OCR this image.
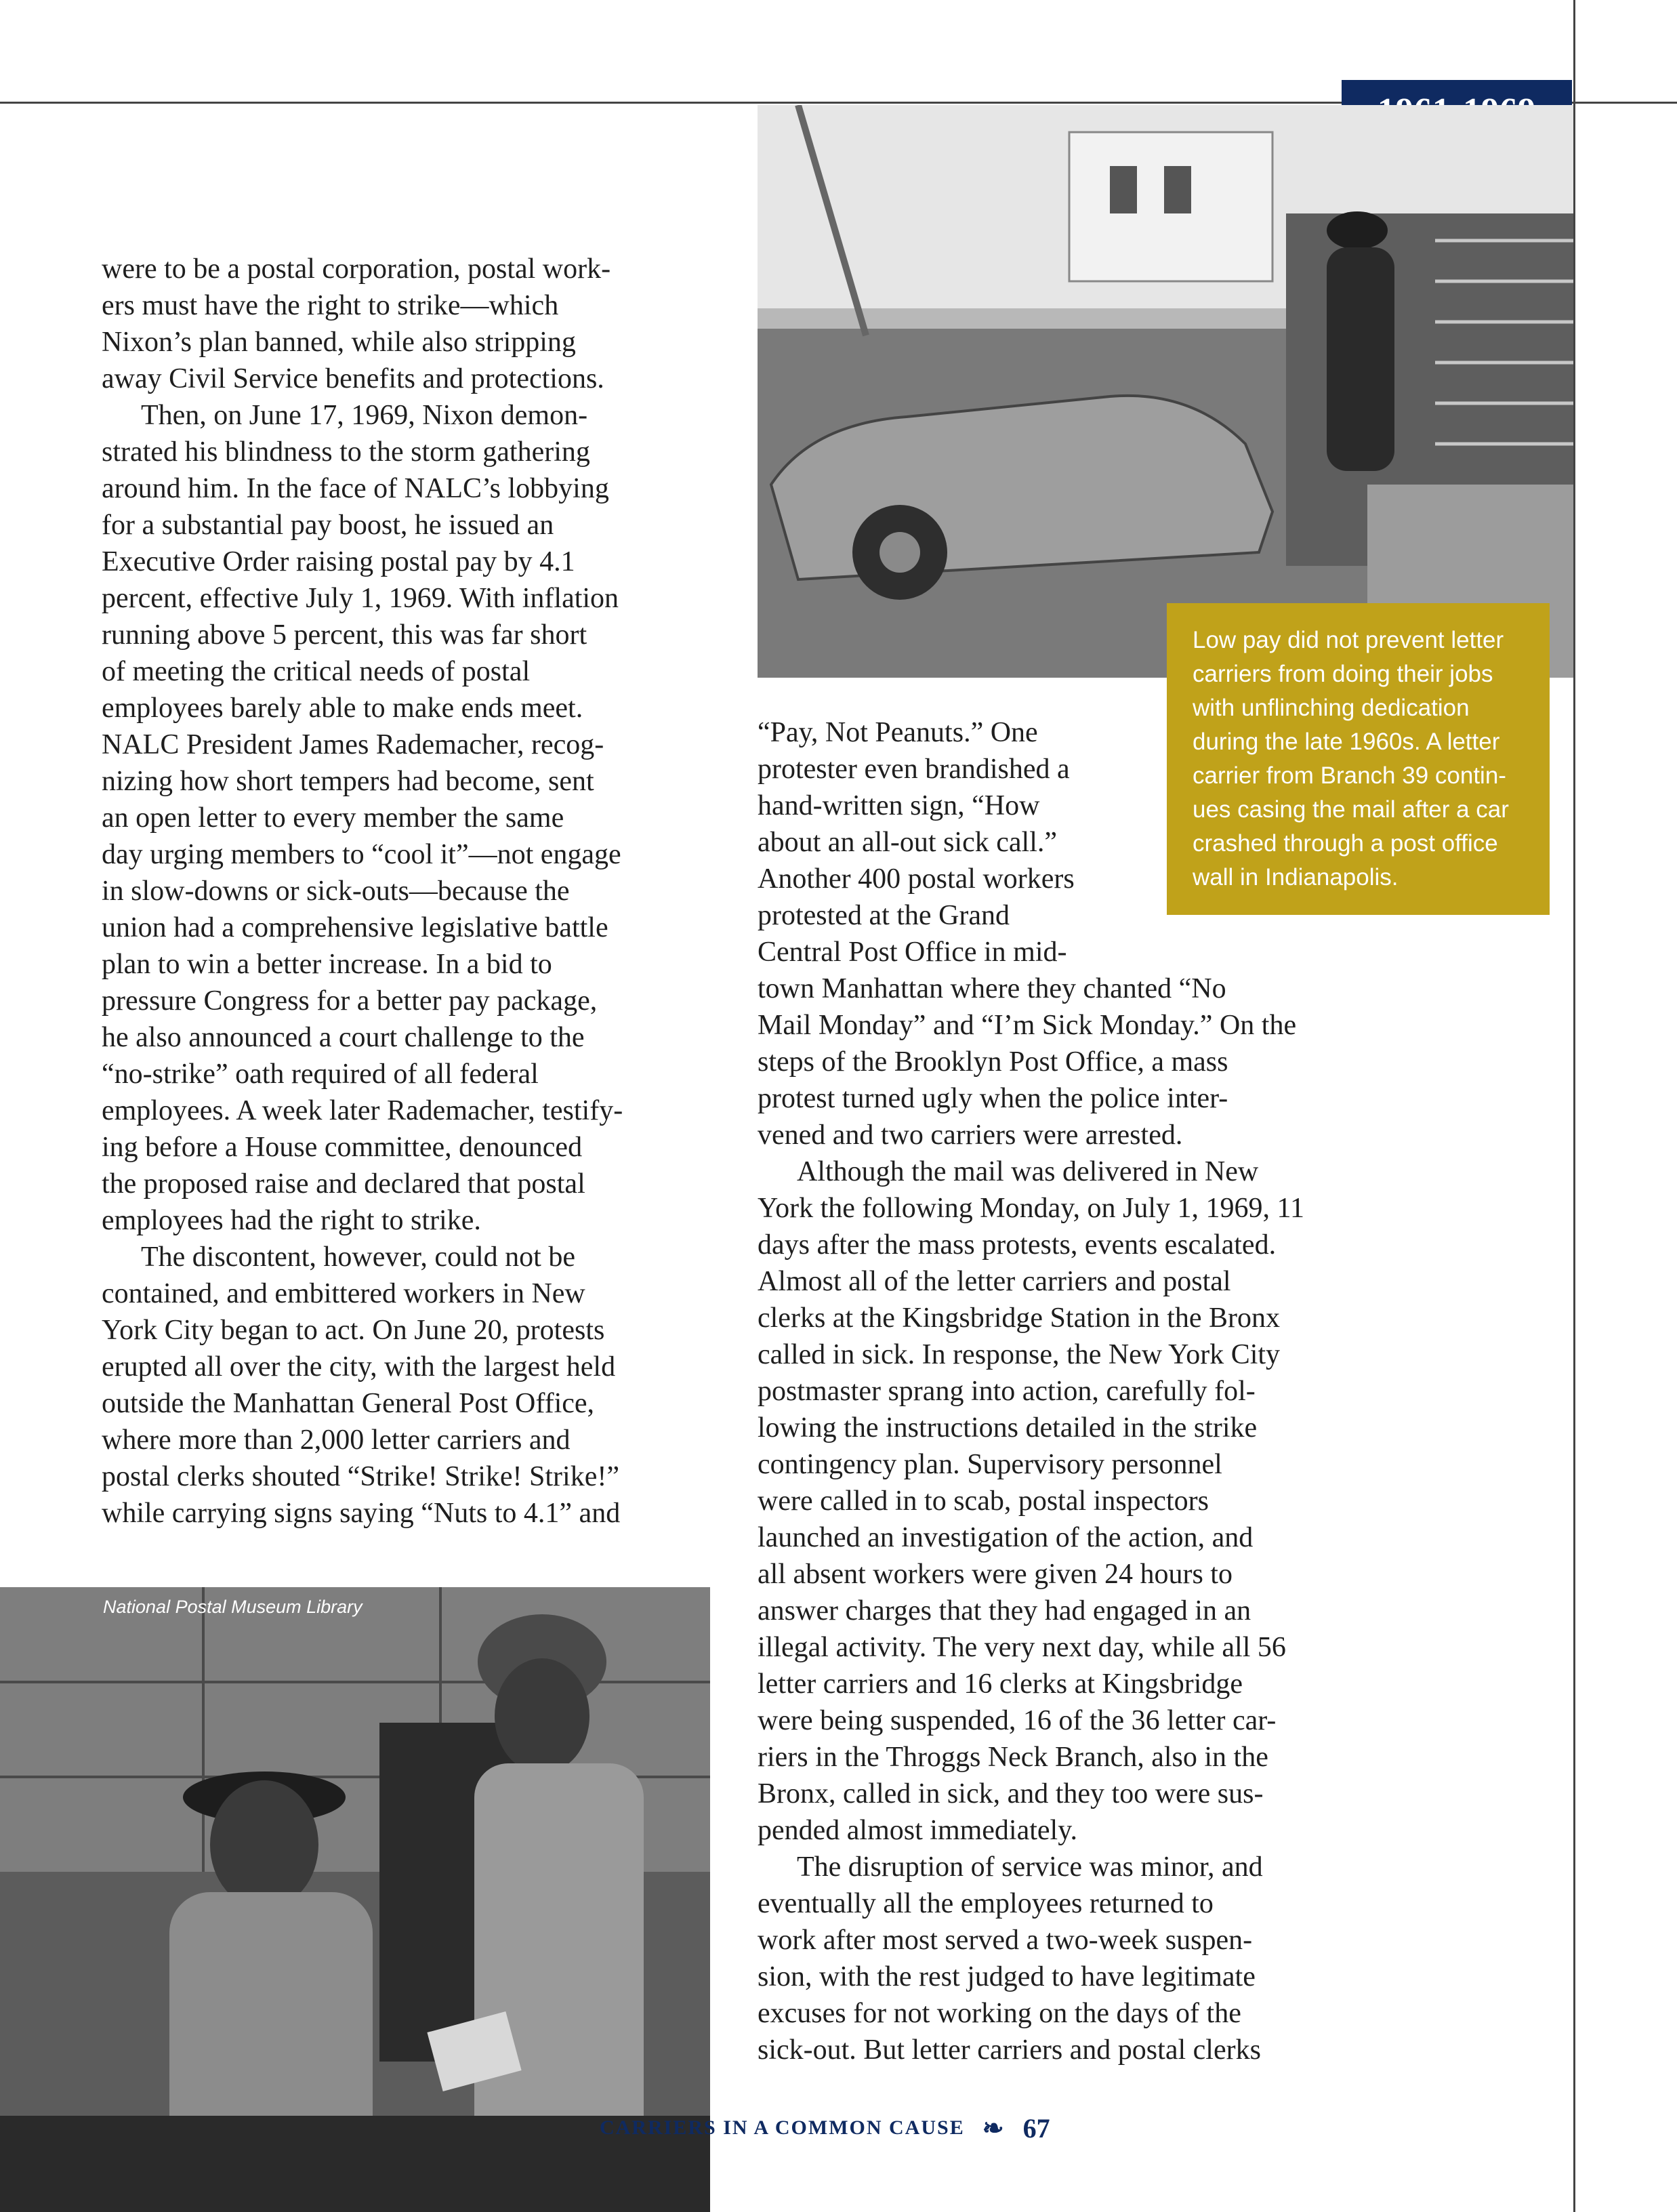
Low pay did not prevent letter
carriers from doing their jobs
with unflinching dedication
during the late 1960s. A letter
carrier from Branch 39 contin-
ues casing the mail after a car
crashed through a post office
wall in Indianapolis.
National Postal Museum Library
were to be a postal corporation, postal work-
ers must have the right to strike—which
Nixon’s plan banned, while also stripping
away Civil Service benefits and protections.
Then, on June 17, 1969, Nixon demon-
strated his blindness to the storm gathering
around him. In the face of NALC’s lobbying
for a substantial pay boost, he issued an
Executive Order raising postal pay by 4.1
percent, effective July 1, 1969. With inflation
running above 5 percent, this was far short
of meeting the critical needs of postal
employees barely able to make ends meet.
NALC President James Rademacher, recog-
nizing how short tempers had become, sent
an open letter to every member the same
day urging members to “cool it”—not engage
in slow-downs or sick-outs—because the
union had a comprehensive legislative battle
plan to win a better increase. In a bid to
pressure Congress for a better pay package,
he also announced a court challenge to the
“no-strike” oath required of all federal
employees. A week later Rademacher, testify-
ing before a House committee, denounced
the proposed raise and declared that postal
employees had the right to strike.
The discontent, however, could not be
contained, and embittered workers in New
York City began to act. On June 20, protests
erupted all over the city, with the largest held
outside the Manhattan General Post Office,
where more than 2,000 letter carriers and
postal clerks shouted “Strike! Strike! Strike!”
while carrying signs saying “Nuts to 4.1” and
“Pay, Not Peanuts.” One
protester even brandished a
hand-written sign, “How
about an all-out sick call.”
Another 400 postal workers
protested at the Grand
Central Post Office in mid-
town Manhattan where they chanted “No
Mail Monday” and “I’m Sick Monday.” On the
steps of the Brooklyn Post Office, a mass
protest turned ugly when the police inter-
vened and two carriers were arrested.
Although the mail was delivered in New
York the following Monday, on July 1, 1969, 11
days after the mass protests, events escalated.
Almost all of the letter carriers and postal
clerks at the Kingsbridge Station in the Bronx
called in sick. In response, the New York City
postmaster sprang into action, carefully fol-
lowing the instructions detailed in the strike
contingency plan. Supervisory personnel
were called in to scab, postal inspectors
launched an investigation of the action, and
all absent workers were given 24 hours to
answer charges that they had engaged in an
illegal activity. The very next day, while all 56
letter carriers and 16 clerks at Kingsbridge
were being suspended, 16 of the 36 letter car-
riers in the Throggs Neck Branch, also in the
Bronx, called in sick, and they too were sus-
pended almost immediately.
The disruption of service was minor, and
eventually all the employees returned to
work after most served a two-week suspen-
sion, with the rest judged to have legitimate
excuses for not working on the days of the
sick-out. But letter carriers and postal clerks
CARRIERS IN A COMMON CAUSE ❧ 67
